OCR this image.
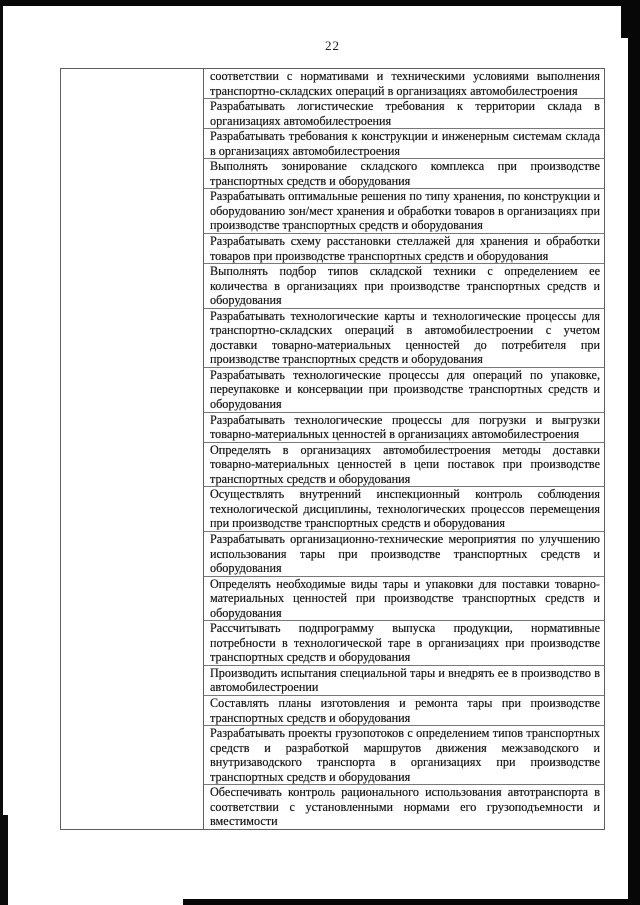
22
соответствии с нормативами и техническими условиями выполнения транспортно-складских операций в организациях автомобилестроения
Разрабатывать логистические требования к территории склада в организациях автомобилестроения
Разрабатывать требования к конструкции и инженерным системам склада в организациях автомобилестроения
Выполнять зонирование складского комплекса при производстве транспортных средств и оборудования
Разрабатывать оптимальные решения по типу хранения, по конструкции и оборудованию зон/мест хранения и обработки товаров в организациях при производстве транспортных средств и оборудования
Разрабатывать схему расстановки стеллажей для хранения и обработки товаров при производстве транспортных средств и оборудования
Выполнять подбор типов складской техники с определением ее количества в организациях при производстве транспортных средств и оборудования
Разрабатывать технологические карты и технологические процессы для транспортно-складских операций в автомобилестроении с учетом доставки товарно-материальных ценностей до потребителя при производстве транспортных средств и оборудования
Разрабатывать технологические процессы для операций по упаковке, переупаковке и консервации при производстве транспортных средств и оборудования
Разрабатывать технологические процессы для погрузки и выгрузки товарно-материальных ценностей в организациях автомобилестроения
Определять в организациях автомобилестроения методы доставки товарно-материальных ценностей в цепи поставок при производстве транспортных средств и оборудования
Осуществлять внутренний инспекционный контроль соблюдения технологической дисциплины, технологических процессов перемещения при производстве транспортных средств и оборудования
Разрабатывать организационно-технические мероприятия по улучшению использования тары при производстве транспортных средств и оборудования
Определять необходимые виды тары и упаковки для поставки товарно-материальных ценностей при производстве транспортных средств и оборудования
Рассчитывать подпрограмму выпуска продукции, нормативные потребности в технологической таре в организациях при производстве транспортных средств и оборудования
Производить испытания специальной тары и внедрять ее в производство в автомобилестроении
Составлять планы изготовления и ремонта тары при производстве транспортных средств и оборудования
Разрабатывать проекты грузопотоков с определением типов транспортных средств и разработкой маршрутов движения межзаводского и внутризаводского транспорта в организациях при производстве транспортных средств и оборудования
Обеспечивать контроль рационального использования автотранспорта в соответствии с установленными нормами его грузоподъемности и вместимости
